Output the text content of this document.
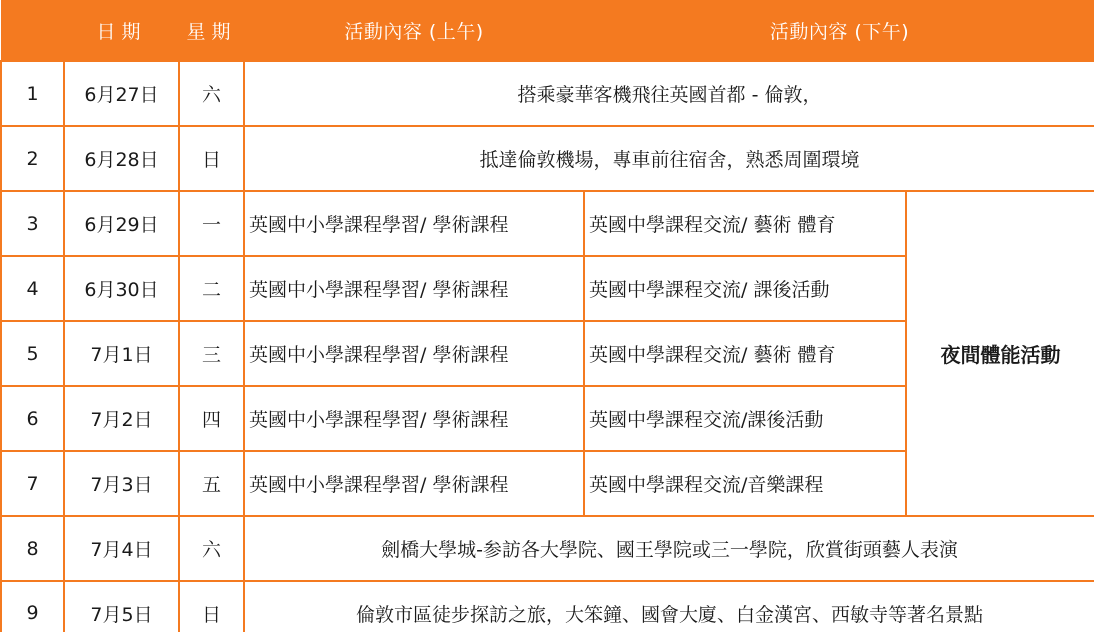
	日期	星期	活動內容 (上午)	活動內容 (下午)	
1	6月27日	六	搭乘豪華客機飛往英國首都 - 倫敦，		
2	6月28日	日	抵達倫敦機場，專車前往宿舍，熟悉周圍環境		
3	6月29日	一	英國中小學課程學習/ 學術課程	英國中學課程交流/ 藝術 體育	夜間體能活動
4	6月30日	二	英國中小學課程學習/ 學術課程	英國中學課程交流/ 課後活動	
5	7月1日	三	英國中小學課程學習/ 學術課程	英國中學課程交流/ 藝術 體育	
6	7月2日	四	英國中小學課程學習/ 學術課程	英國中學課程交流/課後活動	
7	7月3日	五	英國中小學課程學習/ 學術課程	英國中學課程交流/音樂課程	
8	7月4日	六	劍橋大學城-参訪各大學院、國王學院或三一學院，欣賞街頭藝人表演		
9	7月5日	日	倫敦市區徒步探訪之旅，大笨鐘、國會大廈、白金漢宮、西敏寺等著名景點		
